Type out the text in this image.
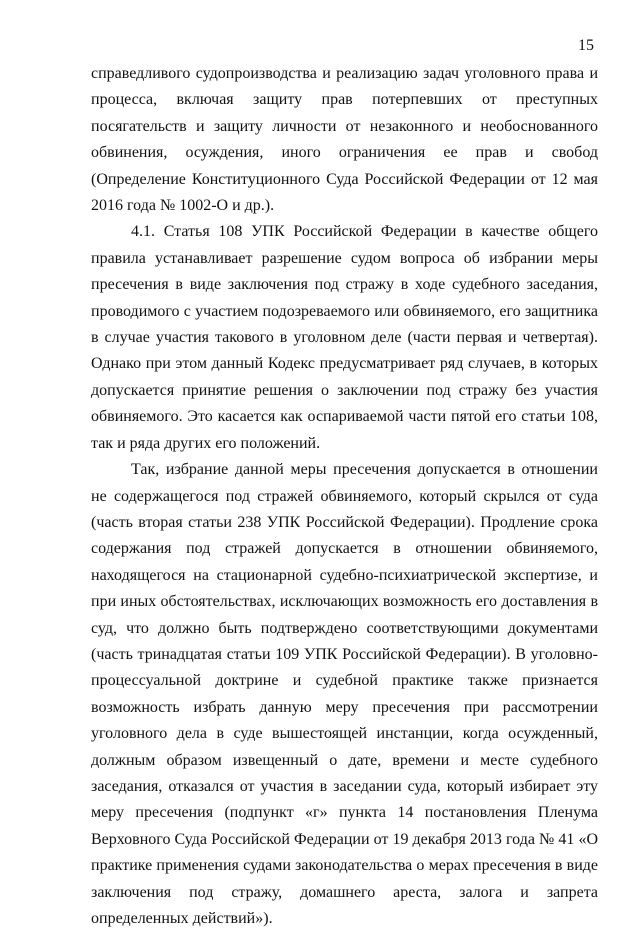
15

справедливого судопроизводства и реализацию задач уголовного права и процесса, включая защиту прав потерпевших от преступных посягательств и защиту личности от незаконного и необоснованного обвинения, осуждения, иного ограничения ее прав и свобод (Определение Конституционного Суда Российской Федерации от 12 мая 2016 года № 1002-О и др.).

4.1. Статья 108 УПК Российской Федерации в качестве общего правила устанавливает разрешение судом вопроса об избрании меры пресечения в виде заключения под стражу в ходе судебного заседания, проводимого с участием подозреваемого или обвиняемого, его защитника в случае участия такового в уголовном деле (части первая и четвертая). Однако при этом данный Кодекс предусматривает ряд случаев, в которых допускается принятие решения о заключении под стражу без участия обвиняемого. Это касается как оспариваемой части пятой его статьи 108, так и ряда других его положений.

Так, избрание данной меры пресечения допускается в отношении не содержащегося под стражей обвиняемого, который скрылся от суда (часть вторая статьи 238 УПК Российской Федерации). Продление срока содержания под стражей допускается в отношении обвиняемого, находящегося на стационарной судебно-психиатрической экспертизе, и при иных обстоятельствах, исключающих возможность его доставления в суд, что должно быть подтверждено соответствующими документами (часть тринадцатая статьи 109 УПК Российской Федерации). В уголовно-процессуальной доктрине и судебной практике также признается возможность избрать данную меру пресечения при рассмотрении уголовного дела в суде вышестоящей инстанции, когда осужденный, должным образом извещенный о дате, времени и месте судебного заседания, отказался от участия в заседании суда, который избирает эту меру пресечения (подпункт «г» пункта 14 постановления Пленума Верховного Суда Российской Федерации от 19 декабря 2013 года № 41 «О практике применения судами законодательства о мерах пресечения в виде заключения под стражу, домашнего ареста, залога и запрета определенных действий»).
